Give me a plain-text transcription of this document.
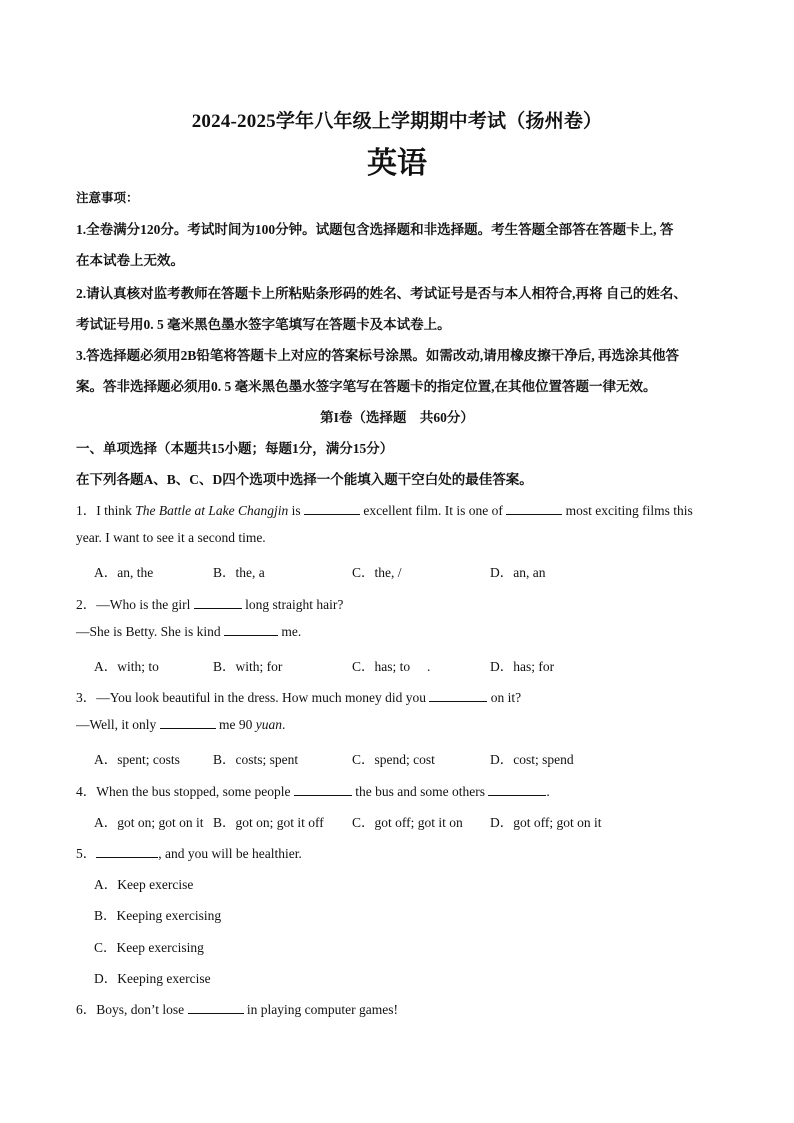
2024-2025学年八年级上学期期中考试（扬州卷）
英语
注意事项：
1.全卷满分120分。考试时间为100分钟。试题包含选择题和非选择题。考生答题全部答在答题卡上, 答
在本试卷上无效。
2.请认真核对监考教师在答题卡上所粘贴条形码的姓名、考试证号是否与本人相符合,再将 自己的姓名、
考试证号用0. 5 毫米黑色墨水签字笔填写在答题卡及本试卷上。
3.答选择题必须用2B铅笔将答题卡上对应的答案标号涂黑。如需改动,请用橡皮擦干净后, 再选涂其他答
案。答非选择题必须用0. 5 毫米黑色墨水签字笔写在答题卡的指定位置,在其他位置答题一律无效。
第I卷（选择题　共60分）
一、单项选择（本题共15小题；每题1分，满分15分）
在下列各题A、B、C、D四个选项中选择一个能填入题干空白处的最佳答案。
1．I think The Battle at Lake Changjin is	excellent film. It is one of	most exciting films this
year. I want to see it a second time.
A．an, the	B．the, a	C．the, /	D．an, an
2．—Who is the girl	long straight hair?
—She is Betty. She is kind	me.
A．with; to	B．with; for	C．has; to　 .	D．has; for
3．—You look beautiful in the dress. How much money did you	on it?
—Well, it only	me 90 yuan.
A．spent; costs B．costs; spent	C．spend; cost	D．cost; spend
4．When the bus stopped, some people	the bus and some others	.
A．got on; got on it B．got on; got it off C．got off; got it on D．got off; got on it
5．	, and you will be healthier.
A．Keep exercise
B．Keeping exercising
C．Keep exercising
D．Keeping exercise
6．Boys, don’t lose	in playing computer games!
